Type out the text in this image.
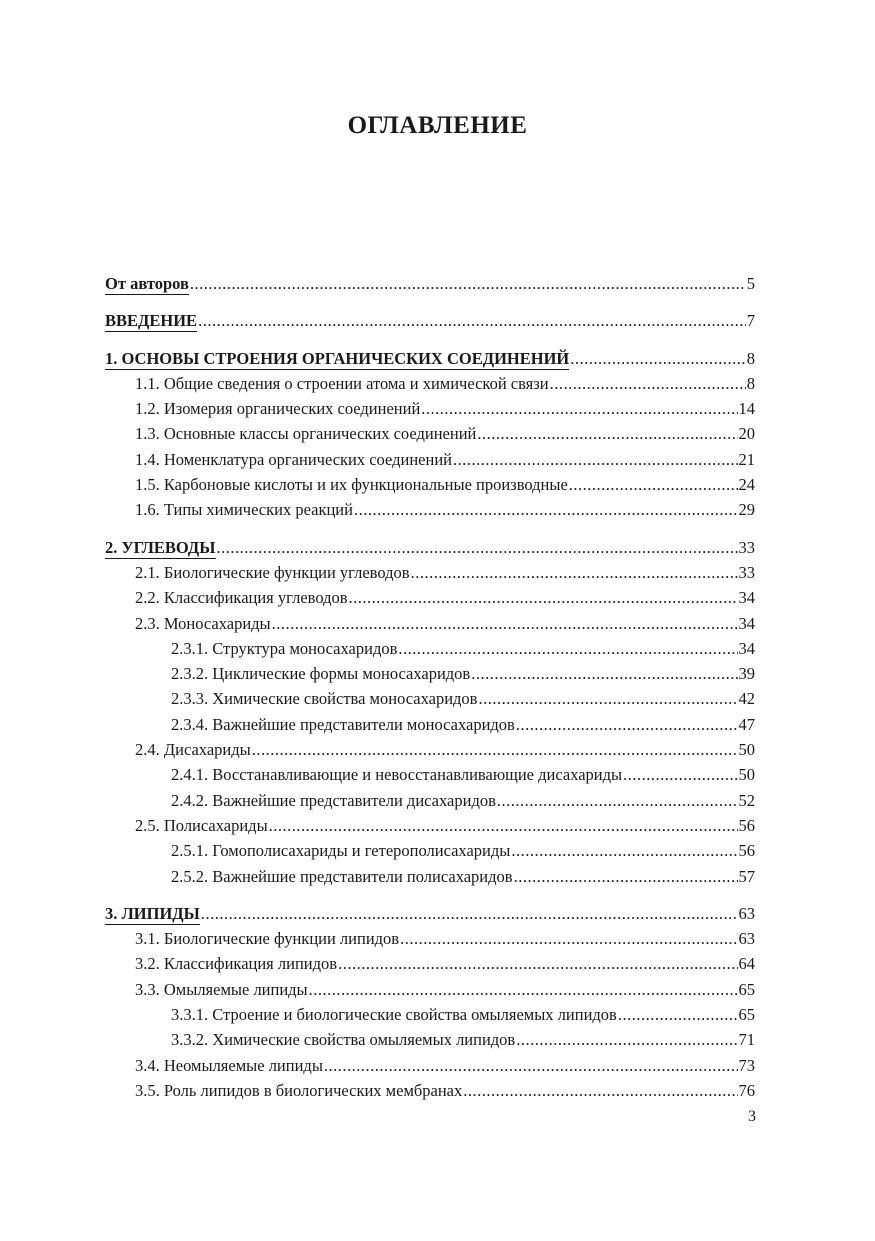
ОГЛАВЛЕНИЕ
От авторов .....	5
ВВЕДЕНИЕ .....	7
1. ОСНОВЫ СТРОЕНИЯ ОРГАНИЧЕСКИХ СОЕДИНЕНИЙ .....	8
1.1. Общие сведения о строении атома и химической связи .....	8
1.2. Изомерия органических соединений .....	14
1.3. Основные классы органических соединений .....	20
1.4. Номенклатура органических соединений .....	21
1.5. Карбоновые кислоты и их функциональные производные .....	24
1.6. Типы химических реакций .....	29
2. УГЛЕВОДЫ .....	33
2.1. Биологические функции углеводов .....	33
2.2. Классификация углеводов .....	34
2.3. Моносахариды .....	34
2.3.1. Структура моносахаридов .....	34
2.3.2. Циклические формы моносахаридов .....	39
2.3.3. Химические свойства моносахаридов .....	42
2.3.4. Важнейшие представители моносахаридов .....	47
2.4. Дисахариды .....	50
2.4.1. Восстанавливающие и невосстанавливающие дисахариды .....	50
2.4.2. Важнейшие представители дисахаридов .....	52
2.5. Полисахариды .....	56
2.5.1. Гомополисахариды и гетерополисахариды .....	56
2.5.2. Важнейшие представители полисахаридов .....	57
3. ЛИПИДЫ .....	63
3.1. Биологические функции липидов .....	63
3.2. Классификация липидов .....	64
3.3. Омыляемые липиды .....	65
3.3.1. Строение и биологические свойства омыляемых липидов .....	65
3.3.2. Химические свойства омыляемых липидов .....	71
3.4. Неомыляемые липиды .....	73
3.5. Роль липидов в биологических мембранах .....	76
3
